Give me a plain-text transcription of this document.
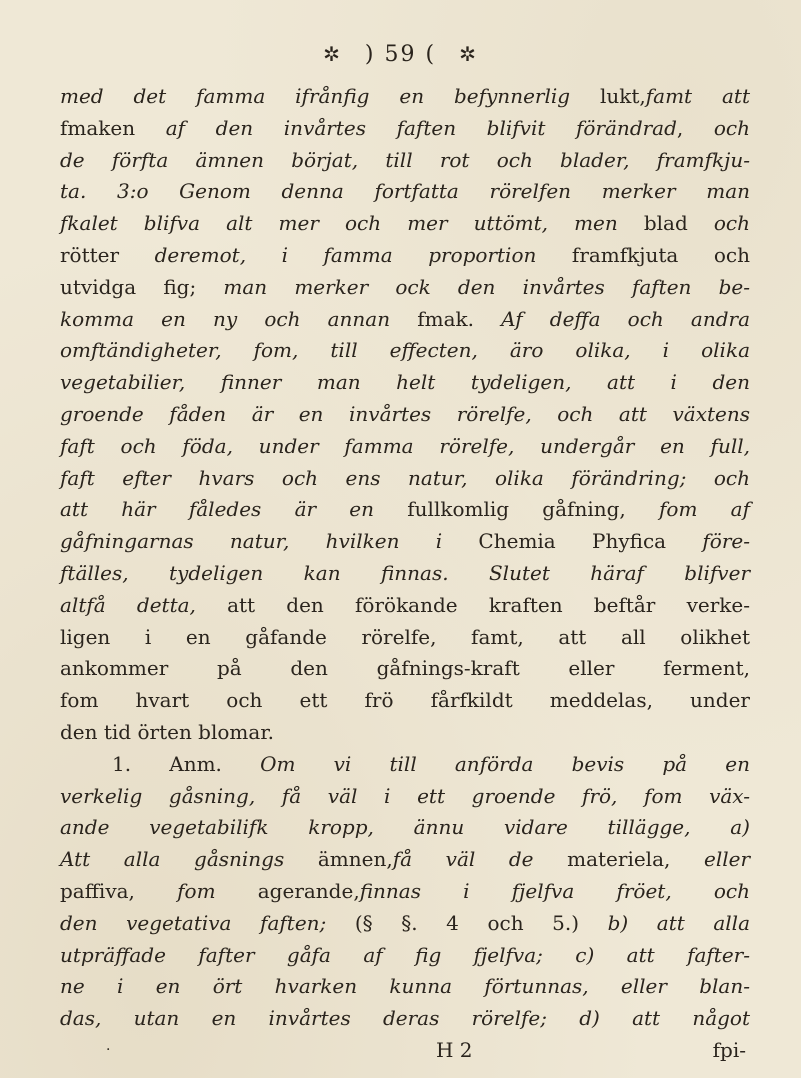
✲ ) 59 ( ✲
med det famma ifrånfig en befynnerlig lukt,famt att
fmaken af den invårtes faften blifvit förändrad, och
de förfta ämnen börjat, till rot och blader, framfkju-
ta. 3:o Genom denna fortfatta rörelfen merker man
fkalet blifva alt mer och mer uttömt, men blad och
rötter deremot, i famma proportion framfkjuta och
utvidga fig; man merker ock den invårtes faften be-
komma en ny och annan fmak. Af deffa och andra
omftändigheter, fom, till effecten, äro olika, i olika
vegetabilier, finner man helt tydeligen, att i den
groende fåden är en invårtes rörelfe, och att växtens
faft och föda, under famma rörelfe, undergår en full,
faft efter hvars och ens natur, olika förändring; och
att här fåledes är en fullkomlig gåfning, fom af
gåfningarnas natur, hvilken i Chemia Phyfica före-
ftälles, tydeligen kan finnas. Slutet häraf blifver
altfå detta, att den förökande kraften beftår verke-
ligen i en gåfande rörelfe, famt, att all olikhet
ankommer på den gåfnings-kraft eller ferment,
fom hvart och ett frö fårfkildt meddelas, under
den tid örten blomar.
1. Anm. Om vi till anförda bevis på en
verkelig gåsning, få väl i ett groende frö, fom väx-
ande vegetabilifk kropp, ännu vidare tillägge, a)
Att alla gåsnings ämnen,få väl de materiela, eller
paffiva, fom agerande,finnas i fjelfva fröet, och
den vegetativa faften; (§ §. 4 och 5.) b) att alla
utpräffade fafter gåfa af fig fjelfva; c) att fafter-
ne i en ört hvarken kunna förtunnas, eller blan-
das, utan en invårtes deras rörelfe; d) att något
·	H 2	fpi-
